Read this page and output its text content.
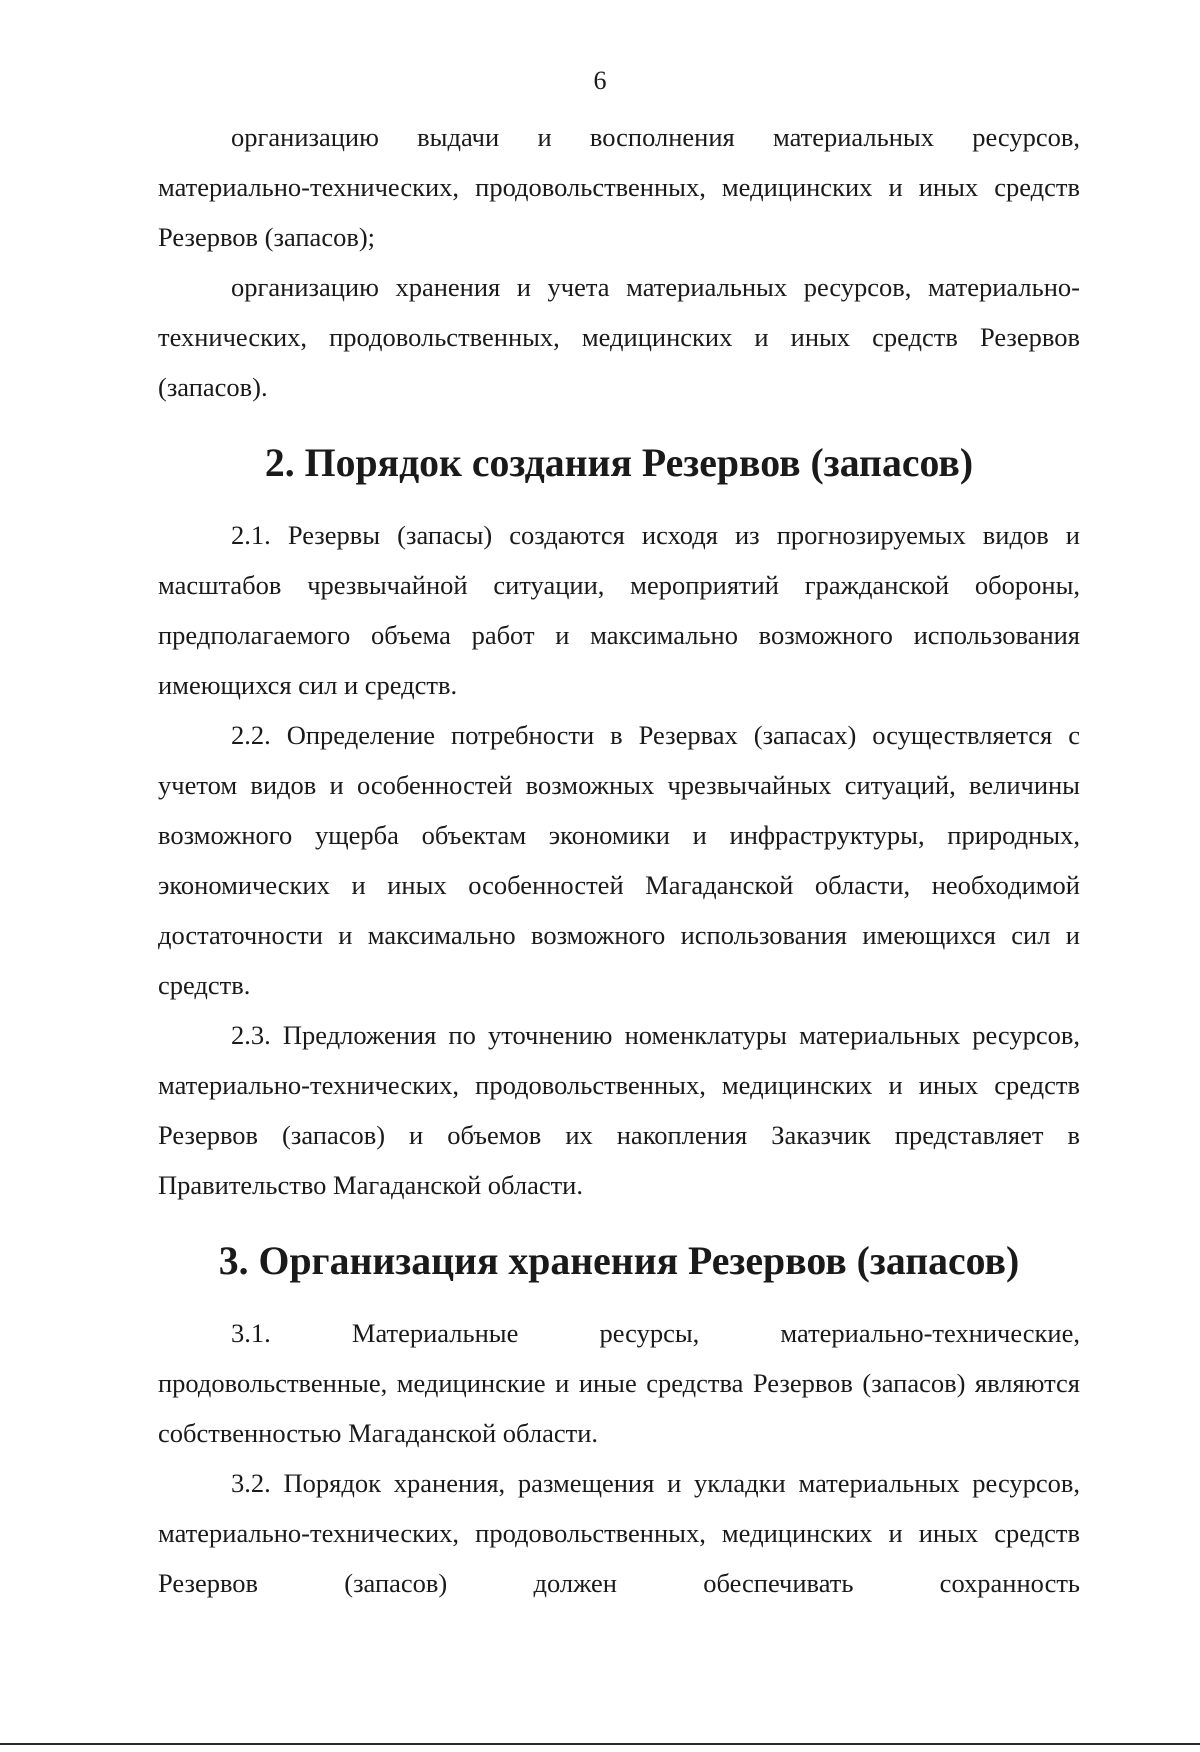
6

организацию выдачи и восполнения материальных ресурсов, материально-технических, продовольственных, медицинских и иных средств Резервов (запасов);

организацию хранения и учета материальных ресурсов, материально-технических, продовольственных, медицинских и иных средств Резервов (запасов).

2. Порядок создания Резервов (запасов)

2.1. Резервы (запасы) создаются исходя из прогнозируемых видов и масштабов чрезвычайной ситуации, мероприятий гражданской обороны, предполагаемого объема работ и максимально возможного использования имеющихся сил и средств.

2.2. Определение потребности в Резервах (запасах) осуществляется с учетом видов и особенностей возможных чрезвычайных ситуаций, величины возможного ущерба объектам экономики и инфраструктуры, природных, экономических и иных особенностей Магаданской области, необходимой достаточности и максимально возможного использования имеющихся сил и средств.

2.3. Предложения по уточнению номенклатуры материальных ресурсов, материально-технических, продовольственных, медицинских и иных средств Резервов (запасов) и объемов их накопления Заказчик представляет в Правительство Магаданской области.

3. Организация хранения Резервов (запасов)

3.1. Материальные ресурсы, материально-технические, продовольственные, медицинские и иные средства Резервов (запасов) являются собственностью Магаданской области.

3.2. Порядок хранения, размещения и укладки материальных ресурсов, материально-технических, продовольственных, медицинских и иных средств Резервов (запасов) должен обеспечивать сохранность
